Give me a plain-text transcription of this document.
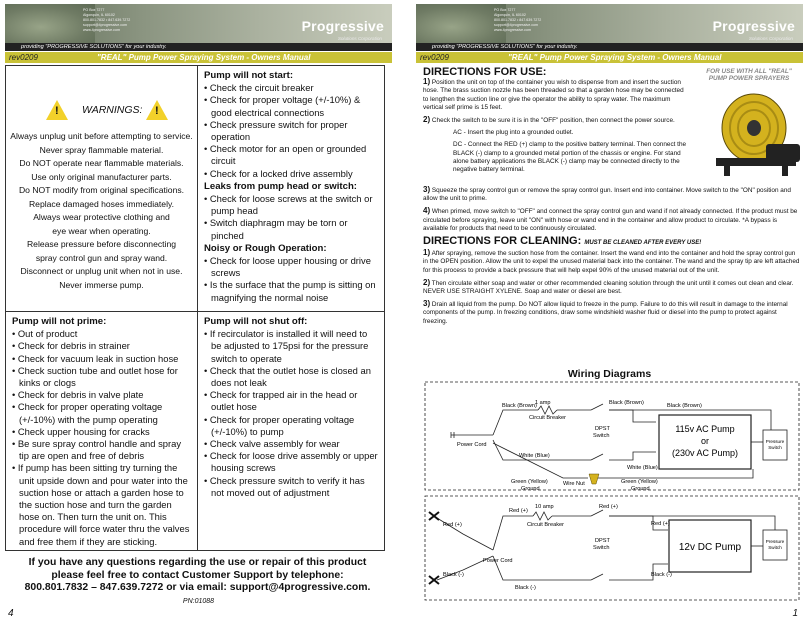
PO Box 7277
Algonquin, IL 60102
800.801.7832 • 847.639.7272
support@4progressive.com
www.4progressive.com	Progressive
Solutions Corporation
providing "PROGRESSIVE SOLUTIONS" for your industry.
rev0209	"REAL" Pump Power Spraying System - Owners Manual
! WARNINGS: !
Always unplug unit before attempting to service.
Never spray flammable material.
Do NOT operate near flammable materials.
Use only original manufacturer parts.
Do NOT modify from original specifications.
Replace damaged hoses immediately.
Always wear protective clothing and
eye wear when operating.
Release pressure before disconnecting
spray control gun and spray wand.
Disconnect or unplug unit when not in use.
Never immerse pump.
Pump will not start:
• Check the circuit breaker
• Check for proper voltage (+/-10%) & good electrical connections
• Check pressure switch for proper operation
• Check motor for an open or grounded circuit
• Check for a locked drive assembly
Leaks from pump head or switch:
• Check for loose screws at the switch or pump head
• Switch diaphragm may be torn or pinched
Noisy or Rough Operation:
• Check for loose upper housing or drive screws
• Is the surface that the pump is sitting on magnifying the normal noise
Pump will not prime:
• Out of product
• Check for debris in strainer
• Check for vacuum leak in suction hose
• Check suction tube and outlet hose for kinks or clogs
• Check for debris in valve plate
• Check for proper operating voltage (+/-10%) with the pump operating
• Check upper housing for cracks
• Be sure spray control handle and spray tip are open and free of debris
• If pump has been sitting try turning the unit upside down and pour water into the suction hose or attach a garden hose to the suction hose and turn the garden hose on. Then turn the unit on. This procedure will force water thru the valves and free them if they are sticking.
Pump will not shut off:
• If recirculator is installed it will need to be adjusted to 175psi for the pressure switch to operate
• Check that the outlet hose is closed an does not leak
• Check for trapped air in the head or outlet hose
• Check for proper operating voltage (+/-10%) to pump
• Check valve assembly for wear
• Check for loose drive assembly or upper housing screws
• Check pressure switch to verify it has not moved out of adjustment
If you have any questions regarding the use or repair of this product
please feel free to contact Customer Support by telephone:
800.801.7832 – 847.639.7272 or via email: support@4progressive.com.
PN:01088
4
PO Box 7277
Algonquin, IL 60102
800.801.7832 • 847.639.7272
support@4progressive.com
www.4progressive.com	Progressive
Solutions Corporation
providing "PROGRESSIVE SOLUTIONS" for your industry.
rev0209	"REAL" Pump Power Spraying System - Owners Manual
DIRECTIONS FOR USE:
1) Position the unit on top of the container you wish to dispense from and insert the suction hose. The brass suction nozzle has been threaded so that a garden hose may be connected to lengthen the suction line or give the operator the ability to spray water. The maximum vertical self prime is 15 feet.
2) Check the switch to be sure it is in the "OFF" position, then connect the power source.
AC - Insert the plug into a grounded outlet.
DC - Connect the RED (+) clamp to the positive battery terminal. Then connect the BLACK (-) clamp to a grounded metal portion of the chassis or engine. For stand alone battery applications the BLACK (-) clamp may be connected directly to the negative battery terminal.
FOR USE WITH ALL "REAL" PUMP POWER SPRAYERS
3) Squeeze the spray control gun or remove the spray control gun. Insert end into container. Move switch to the "ON" position and allow the unit to prime.
4) When primed, move switch to "OFF" and connect the spray control gun and wand if not already connected. If the product must be circulated before spraying, leave unit "ON" with hose or wand end in the container and allow product to circulate. *A bypass is available for products that need to be continuously circulated.
DIRECTIONS FOR CLEANING: MUST BE CLEANED AFTER EVERY USE!
1) After spraying, remove the suction hose from the container. Insert the wand end into the container and hold the spray control gun in the OPEN position. Allow the unit to expel the unused material back into the container. The wand and the spray tip are left attached for this process to provide a back pressure that will help expel 90% of the unused material out of the unit.
2) Then circulate either soap and water or other recommended cleaning solution through the unit until it comes out clean and clear. NEVER USE STRAIGHT XYLENE. Soap and water or diesel are best.
3) Drain all liquid from the pump. Do NOT allow liquid to freeze in the pump. Failure to do this will result in damage to the internal components of the pump. In freezing conditions, draw some windshield washer fluid or diesel into the pump to protect against freezing.
Wiring Diagrams
Black (Brown)
1 amp
Circuit Breaker
Black (Brown)	Black (Brown)
DPST
Switch
Power Cord
White (Blue)
White (Blue)
Green (Yellow)
Ground
Wire Nut	Green (Yellow)
Ground
115v AC Pump
or
(230v AC Pump)
Pressure
Switch
Red (+)
Red (+)
Red (+)
Red (+)
10 amp
Circuit Breaker
DPST
Switch
Power Cord
Black (-)
Black (-)
Black (-)
12v DC Pump
Pressure
Switch
1
